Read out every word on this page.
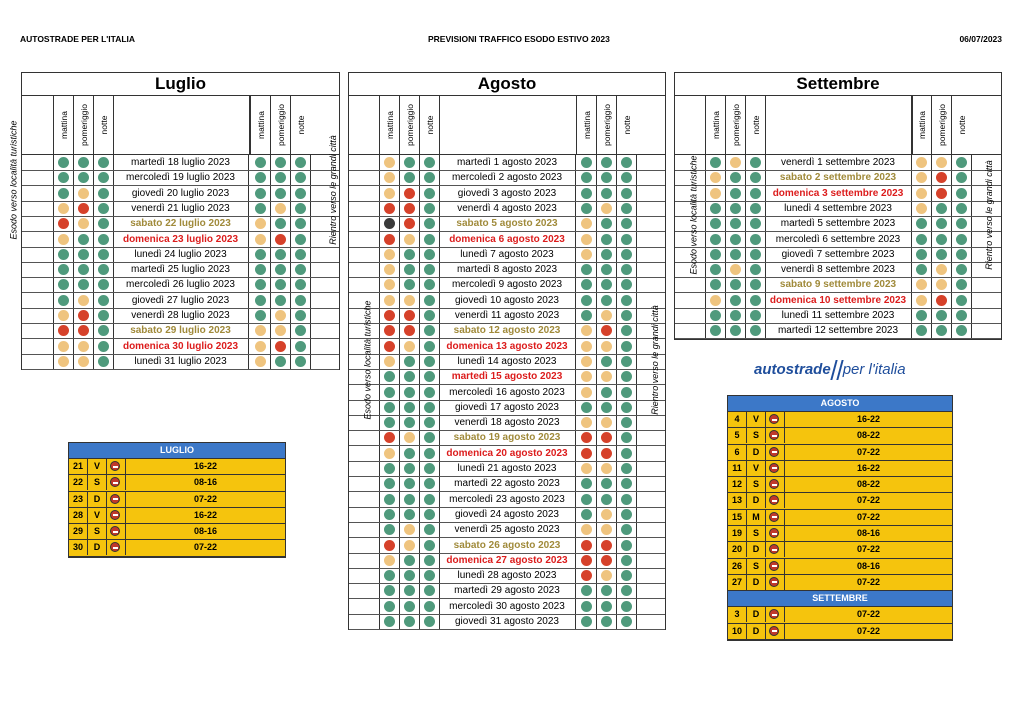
AUTOSTRADE PER L'ITALIA	PREVISIONI TRAFFICO ESODO ESTIVO 2023	06/07/2023
Luglio
mattina pomeriggio notte	mattina pomeriggio notte
martedì 18 luglio 2023
mercoledì 19 luglio 2023
giovedì 20 luglio 2023
venerdì 21 luglio 2023
sabato 22 luglio 2023
domenica 23 luglio 2023
lunedì 24 luglio 2023
martedì 25 luglio 2023
mercoledì 26 luglio 2023
giovedì 27 luglio 2023
venerdì 28 luglio 2023
sabato 29 luglio 2023
domenica 30 luglio 2023
lunedì 31 luglio 2023
Agosto
mattina pomeriggio notte	mattina pomeriggio notte
martedì 1 agosto 2023
mercoledì 2 agosto 2023
giovedì 3 agosto 2023
venerdì 4 agosto 2023
sabato 5 agosto 2023
domenica 6 agosto 2023
lunedì 7 agosto 2023
martedì 8 agosto 2023
mercoledì 9 agosto 2023
giovedì 10 agosto 2023
venerdì 11 agosto 2023
sabato 12 agosto 2023
domenica 13 agosto 2023
lunedì 14 agosto 2023
martedì 15 agosto 2023
mercoledì 16 agosto 2023
giovedì 17 agosto 2023
venerdì 18 agosto 2023
sabato 19 agosto 2023
domenica 20 agosto 2023
lunedì 21 agosto 2023
martedì 22 agosto 2023
mercoledì 23 agosto 2023
giovedì 24 agosto 2023
venerdì 25 agosto 2023
sabato 26 agosto 2023
domenica 27 agosto 2023
lunedì 28 agosto 2023
martedì 29 agosto 2023
mercoledì 30 agosto 2023
giovedì 31 agosto 2023
Settembre
mattina pomeriggio notte	mattina pomeriggio notte
venerdì 1 settembre 2023
sabato 2 settembre 2023
domenica 3 settembre 2023
lunedì 4 settembre 2023
martedì 5 settembre 2023
mercoledì 6 settembre 2023
giovedì 7 settembre 2023
venerdì 8 settembre 2023
sabato 9 settembre 2023
domenica 10 settembre 2023
lunedì 11 settembre 2023
martedì 12 settembre 2023
autostrade per l'italia
LUGLIO
21	V	16-22
22	S	08-16
23	D	07-22
28	V	16-22
29	S	08-16
30	D	07-22
AGOSTO
4	V	16-22
5	S	08-22
6	D	07-22
11	V	16-22
12	S	08-22
13	D	07-22
15	M	07-22
19	S	08-16
20	D	07-22
26	S	08-16
27	D	07-22
SETTEMBRE
3	D	07-22
10	D	07-22
Esodo verso località turistiche	Rientro verso le grandi città
Esodo verso località turistiche	Rientro verso le grandi città
Esodo verso località turistiche	Rientro verso le grandi città
